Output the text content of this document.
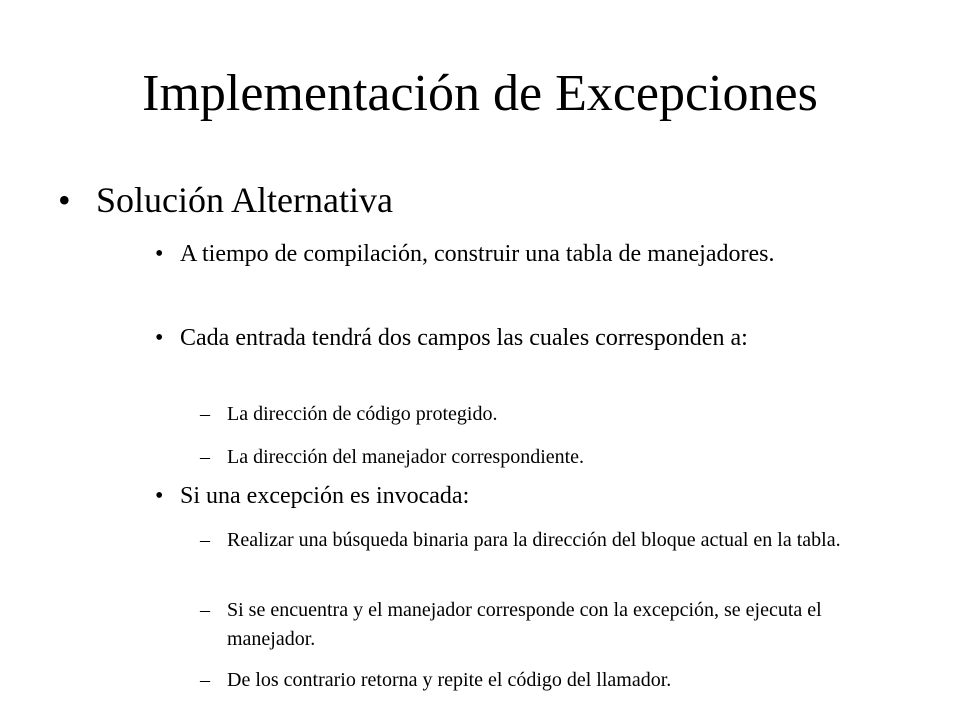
Implementación de Excepciones
• Solución Alternativa
• A tiempo de compilación, construir una tabla de manejadores.
• Cada entrada tendrá dos campos las cuales corresponden a:
– La dirección de código protegido.
– La dirección del manejador correspondiente.
• Si una excepción es invocada:
– Realizar una búsqueda binaria para la dirección del bloque actual en la tabla.
– Si se encuentra y el manejador corresponde con la excepción, se ejecuta el manejador.
– De los contrario retorna y repite el código del llamador.
